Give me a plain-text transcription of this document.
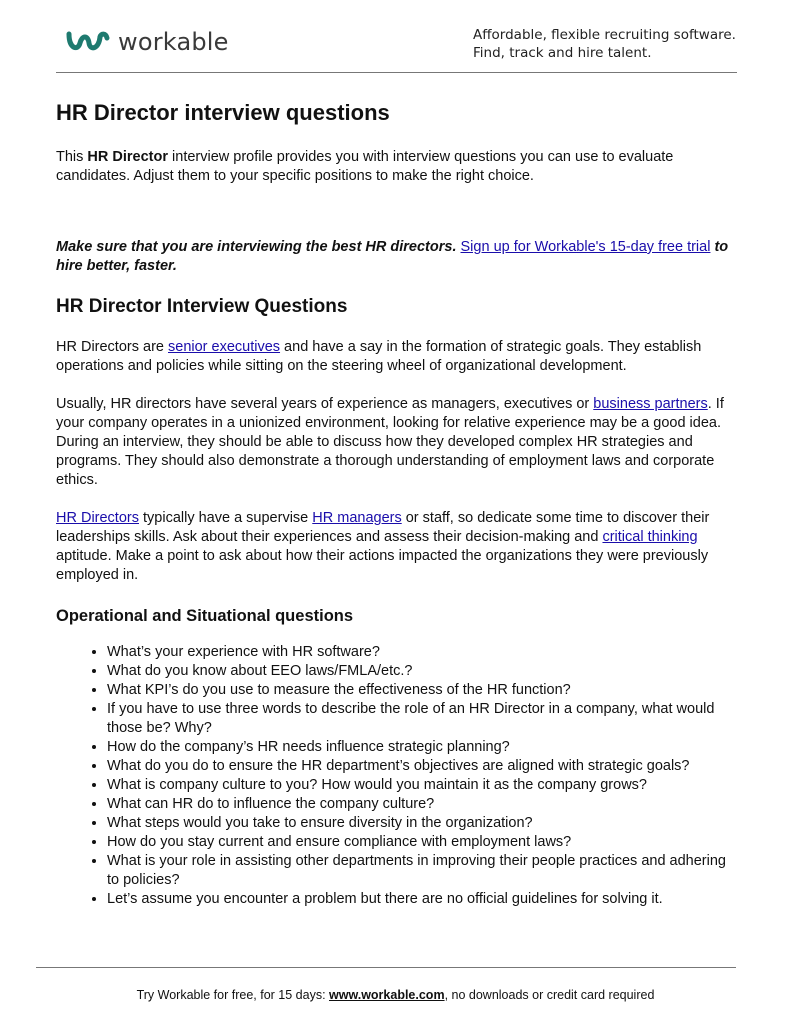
workable	Affordable, flexible recruiting software.
Find, track and hire talent.
HR Director interview questions

This HR Director interview profile provides you with interview questions you can use to evaluate candidates. Adjust them to your specific positions to make the right choice.

Make sure that you are interviewing the best HR directors. Sign up for Workable's 15-day free trial to hire better, faster.

HR Director Interview Questions

HR Directors are senior executives and have a say in the formation of strategic goals. They establish operations and policies while sitting on the steering wheel of organizational development.

Usually, HR directors have several years of experience as managers, executives or business partners. If your company operates in a unionized environment, looking for relative experience may be a good idea. During an interview, they should be able to discuss how they developed complex HR strategies and programs. They should also demonstrate a thorough understanding of employment laws and corporate ethics.

HR Directors typically have a supervise HR managers or staff, so dedicate some time to discover their leaderships skills. Ask about their experiences and assess their decision-making and critical thinking aptitude. Make a point to ask about how their actions impacted the organizations they were previously employed in.

Operational and Situational questions
• What’s your experience with HR software?
• What do you know about EEO laws/FMLA/etc.?
• What KPI’s do you use to measure the effectiveness of the HR function?
• If you have to use three words to describe the role of an HR Director in a company, what would those be? Why?
• How do the company’s HR needs influence strategic planning?
• What do you do to ensure the HR department’s objectives are aligned with strategic goals?
• What is company culture to you? How would you maintain it as the company grows?
• What can HR do to influence the company culture?
• What steps would you take to ensure diversity in the organization?
• How do you stay current and ensure compliance with employment laws?
• What is your role in assisting other departments in improving their people practices and adhering to policies?
• Let’s assume you encounter a problem but there are no official guidelines for solving it.
Try Workable for free, for 15 days: www.workable.com, no downloads or credit card required
